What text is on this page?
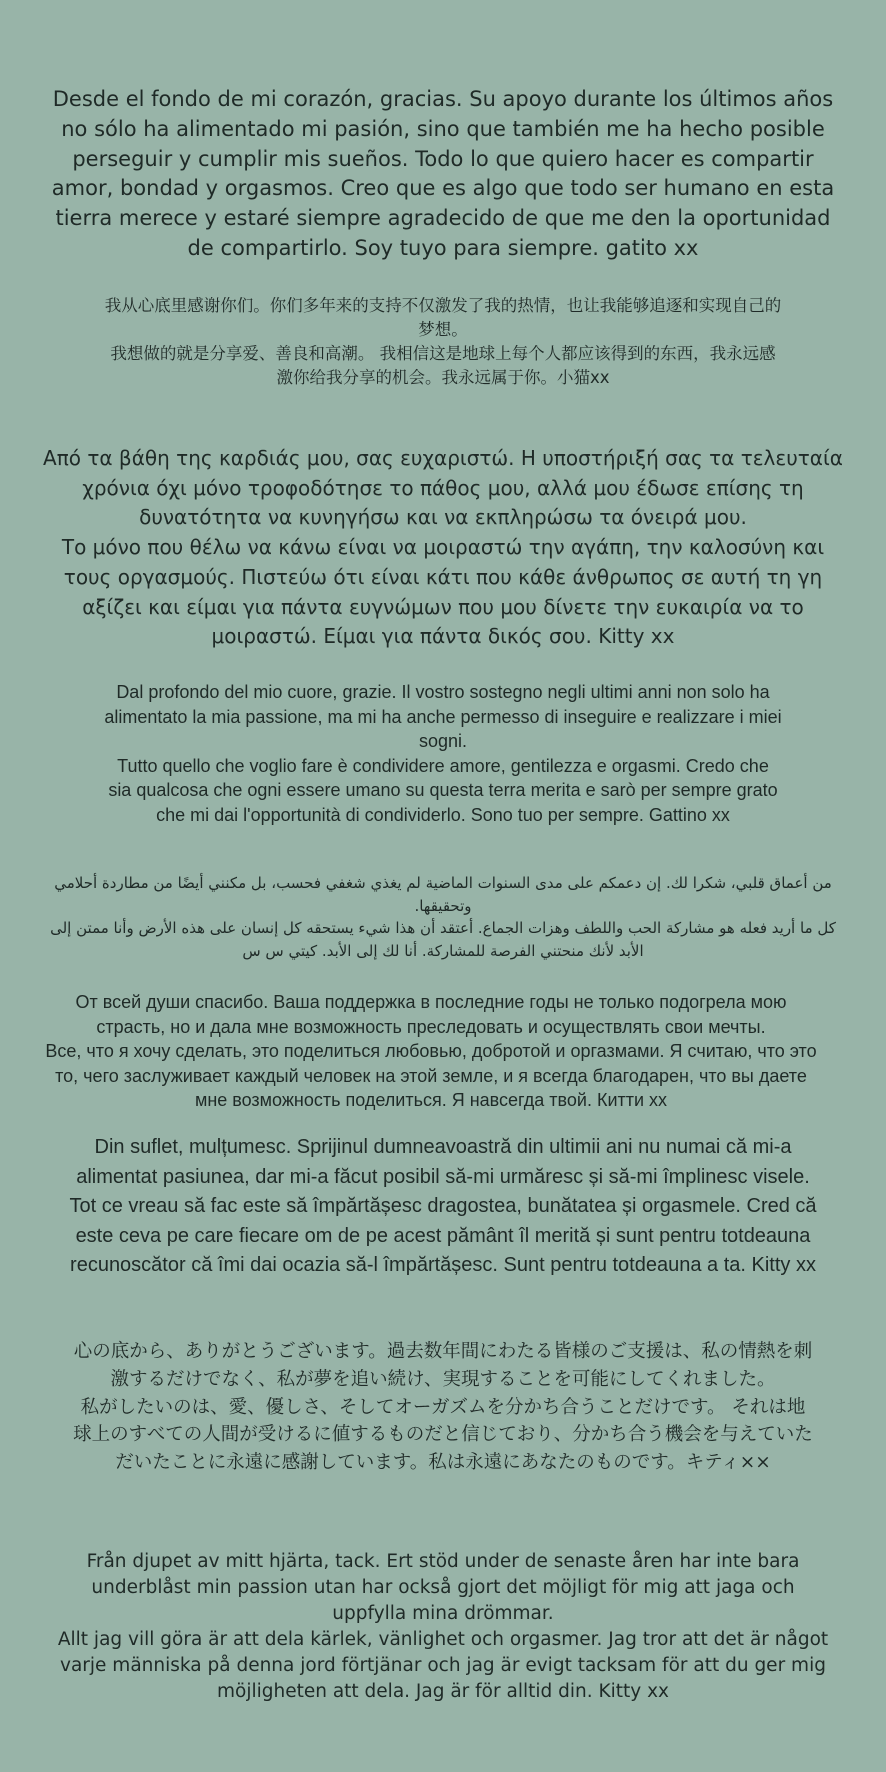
Desde el fondo de mi corazón, gracias. Su apoyo durante los últimos años
no sólo ha alimentado mi pasión, sino que también me ha hecho posible
perseguir y cumplir mis sueños. Todo lo que quiero hacer es compartir
amor, bondad y orgasmos. Creo que es algo que todo ser humano en esta
tierra merece y estaré siempre agradecido de que me den la oportunidad
de compartirlo. Soy tuyo para siempre. gatito xx
我从心底里感谢你们。你们多年来的支持不仅激发了我的热情，也让我能够追逐和实现自己的
梦想。
我想做的就是分享爱、善良和高潮。 我相信这是地球上每个人都应该得到的东西，我永远感
激你给我分享的机会。我永远属于你。小猫xx
Από τα βάθη της καρδιάς μου, σας ευχαριστώ. Η υποστήριξή σας τα τελευταία
χρόνια όχι μόνο τροφοδότησε το πάθος μου, αλλά μου έδωσε επίσης τη
δυνατότητα να κυνηγήσω και να εκπληρώσω τα όνειρά μου.
Το μόνο που θέλω να κάνω είναι να μοιραστώ την αγάπη, την καλοσύνη και
τους οργασμούς. Πιστεύω ότι είναι κάτι που κάθε άνθρωπος σε αυτή τη γη
αξίζει και είμαι για πάντα ευγνώμων που μου δίνετε την ευκαιρία να το
μοιραστώ. Είμαι για πάντα δικός σου. Kitty xx
Dal profondo del mio cuore, grazie. Il vostro sostegno negli ultimi anni non solo ha
alimentato la mia passione, ma mi ha anche permesso di inseguire e realizzare i miei
sogni.
Tutto quello che voglio fare è condividere amore, gentilezza e orgasmi. Credo che
sia qualcosa che ogni essere umano su questa terra merita e sarò per sempre grato
che mi dai l'opportunità di condividerlo. Sono tuo per sempre. Gattino xx
من أعماق قلبي، شكرا لك. إن دعمكم على مدى السنوات الماضية لم يغذي شغفي فحسب، بل مكنني أيضًا من مطاردة أحلامي
وتحقيقها.
كل ما أريد فعله هو مشاركة الحب واللطف وهزات الجماع. أعتقد أن هذا شيء يستحقه كل إنسان على هذه الأرض وأنا ممتن إلى
الأبد لأنك منحتني الفرصة للمشاركة. أنا لك إلى الأبد. كيتي س س
От всей души спасибо. Ваша поддержка в последние годы не только подогрела мою
страсть, но и дала мне возможность преследовать и осуществлять свои мечты.
Все, что я хочу сделать, это поделиться любовью, добротой и оргазмами. Я считаю, что это
то, чего заслуживает каждый человек на этой земле, и я всегда благодарен, что вы даете
мне возможность поделиться. Я навсегда твой. Китти хх
Din suflet, mulțumesc. Sprijinul dumneavoastră din ultimii ani nu numai că mi-a
alimentat pasiunea, dar mi-a făcut posibil să-mi urmăresc și să-mi împlinesc visele.
Tot ce vreau să fac este să împărtășesc dragostea, bunătatea și orgasmele. Cred că
este ceva pe care fiecare om de pe acest pământ îl merită și sunt pentru totdeauna
recunoscător că îmi dai ocazia să-l împărtășesc. Sunt pentru totdeauna a ta. Kitty xx
心の底から、ありがとうございます。過去数年間にわたる皆様のご支援は、私の情熱を刺
激するだけでなく、私が夢を追い続け、実現することを可能にしてくれました。
私がしたいのは、愛、優しさ、そしてオーガズムを分かち合うことだけです。 それは地
球上のすべての人間が受けるに値するものだと信じており、分かち合う機会を与えていた
だいたことに永遠に感謝しています。私は永遠にあなたのものです。キティ××
Från djupet av mitt hjärta, tack. Ert stöd under de senaste åren har inte bara
underblåst min passion utan har också gjort det möjligt för mig att jaga och
uppfylla mina drömmar.
Allt jag vill göra är att dela kärlek, vänlighet och orgasmer. Jag tror att det är något
varje människa på denna jord förtjänar och jag är evigt tacksam för att du ger mig
möjligheten att dela. Jag är för alltid din. Kitty xx
